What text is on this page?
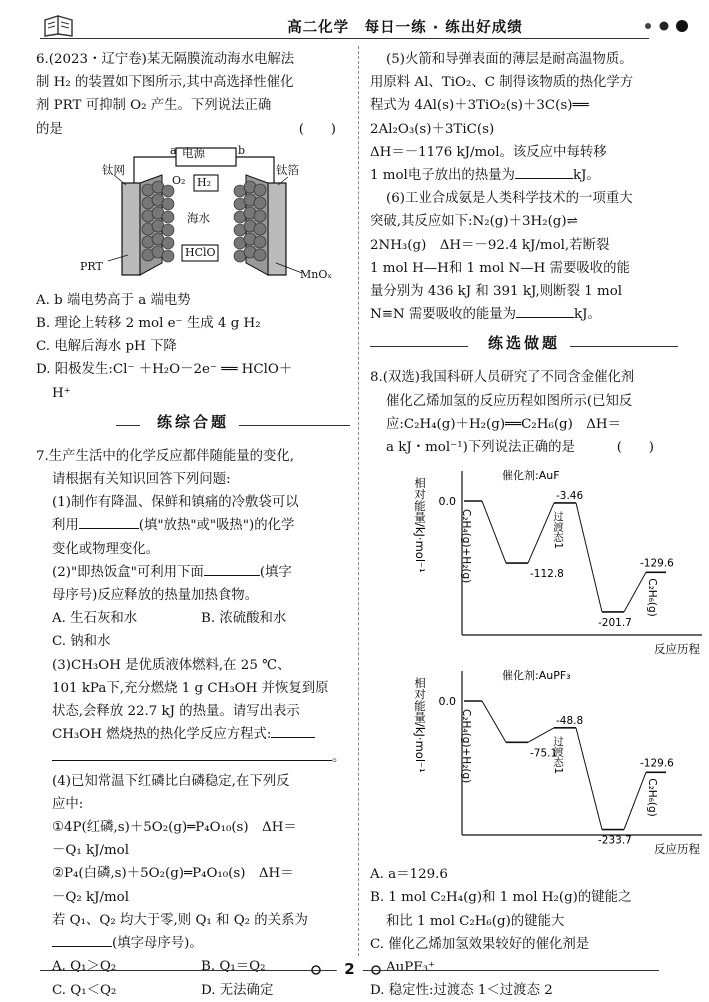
高二化学　每日一练 · 练出好成绩
6.(2023・辽宁卷)某无隔膜流动海水电解法
制 H₂ 的装置如下图所示,其中高选择性催化
剂 PRT 可抑制 O₂ 产生。下列说法正确
的是	(　　)
a	b
电源
钛网	钛箔
O₂ H₂
海水
HClO
PRT
MnOₓ
A. b 端电势高于 a 端电势
B. 理论上转移 2 mol e⁻ 生成 4 g H₂
C. 电解后海水 pH 下降
D. 阳极发生:Cl⁻ ＋H₂O－2e⁻ ══ HClO＋
H⁺
练综合题
7.生产生活中的化学反应都伴随能量的变化,
请根据有关知识回答下列问题:
(1)制作有降温、保鲜和镇痛的冷敷袋可以
利用	(填"放热"或"吸热")的化学
变化或物理变化。
(2)"即热饭盒"可利用下面	(填字
母序号)反应释放的热量加热食物。
A. 生石灰和水	B. 浓硫酸和水
C. 钠和水
(3)CH₃OH 是优质液体燃料,在 25 ℃、
101 kPa下,充分燃烧 1 g CH₃OH 并恢复到原
状态,会释放 22.7 kJ 的热量。请写出表示
CH₃OH 燃烧热的热化学反应方程式:
。
(4)已知常温下红磷比白磷稳定,在下列反
应中:
①4P(红磷,s)＋5O₂(g)═P₄O₁₀(s)　ΔH＝
－Q₁ kJ/mol
②P₄(白磷,s)＋5O₂(g)═P₄O₁₀(s)　ΔH＝
－Q₂ kJ/mol
若 Q₁、Q₂ 均大于零,则 Q₁ 和 Q₂ 的关系为
(填字母序号)。
A. Q₁＞Q₂	B. Q₁＝Q₂
C. Q₁＜Q₂	D. 无法确定
(5)火箭和导弹表面的薄层是耐高温物质。
用原料 Al、TiO₂、C 制得该物质的热化学方
程式为 4Al(s)＋3TiO₂(s)＋3C(s)══
2Al₂O₃(s)＋3TiC(s)
ΔH＝－1176 kJ/mol。该反应中每转移
1 mol电子放出的热量为	kJ。
(6)工业合成氨是人类科学技术的一项重大
突破,其反应如下:N₂(g)＋3H₂(g)⇌
2NH₃(g)　ΔH＝－92.4 kJ/mol,若断裂
1 mol H—H和 1 mol N—H 需要吸收的能
量分别为 436 kJ 和 391 kJ,则断裂 1 mol
N≡N 需要吸收的能量为	kJ。
练选做题
8.(双选)我国科研人员研究了不同含金催化剂
催化乙烯加氢的反应历程如图所示(已知反
应:C₂H₄(g)＋H₂(g)══C₂H₆(g)　ΔH＝
a kJ・mol⁻¹)下列说法正确的是	(　　)
相对能量/kJ·mol⁻¹ 0.0
反应历程
催化剂:AuF
-112.8
-3.46
-201.7
-129.6
C₂H₄(g)+H₂(g)	过渡态1
C₂H₆(g)
相对能量/kJ·mol⁻¹ 0.0
反应历程
催化剂:AuPF₃
-75.1
-48.8
-233.7
-129.6
C₂H₄(g)+H₂(g)	过渡态1
C₂H₆(g)
A. a＝129.6
B. 1 mol C₂H₄(g)和 1 mol H₂(g)的键能之
和比 1 mol C₂H₆(g)的键能大
C. 催化乙烯加氢效果较好的催化剂是
AuPF₃⁺
D. 稳定性:过渡态 1＜过渡态 2
2
